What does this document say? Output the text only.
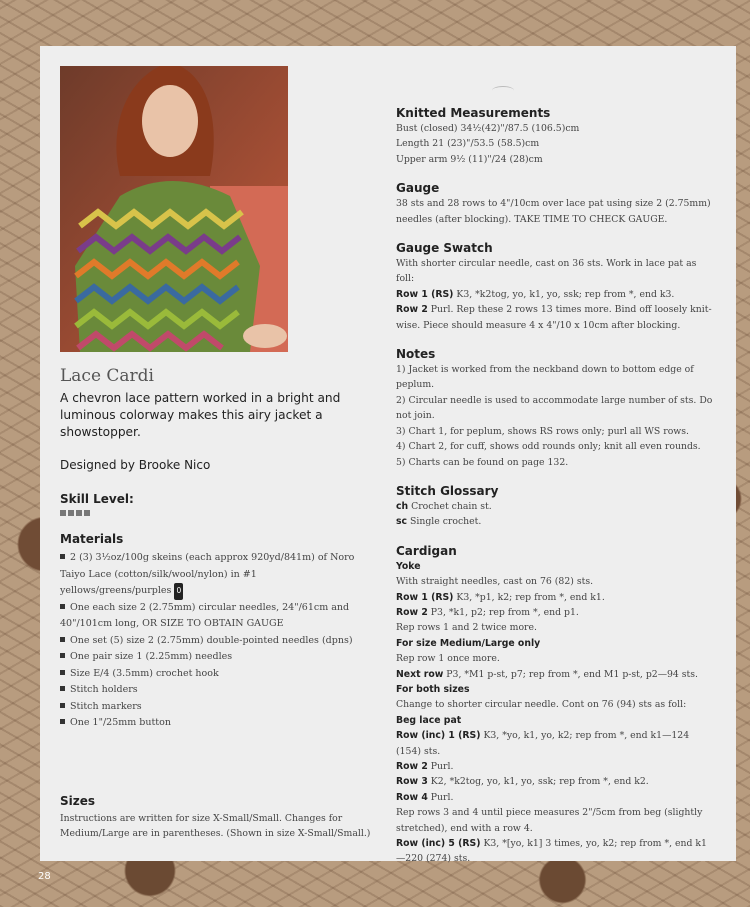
Lace Cardi

A chevron lace pattern worked in a bright and luminous colorway makes this airy jacket a showstopper.

Designed by Brooke Nico
Skill Level:
Materials
2 (3) 3¹⁄₂oz/100g skeins (each approx 920yd/841m) of Noro Taiyo Lace (cotton/silk/wool/nylon) in #1 yellows/greens/purples 0
One each size 2 (2.75mm) circular needles, 24"/61cm and 40"/101cm long, OR SIZE TO OBTAIN GAUGE
One set (5) size 2 (2.75mm) double-pointed needles (dpns)
One pair size 1 (2.25mm) needles
Size E/4 (3.5mm) crochet hook
Stitch holders
Stitch markers
One 1"/25mm button
Sizes

Instructions are written for size X-Small/Small. Changes for Medium/Large are in parentheses. (Shown in size X-Small/Small.)

Knitted Measurements
Bust (closed) 34¹⁄₂(42)"/87.5 (106.5)cm
Length 21 (23)"/53.5 (58.5)cm
Upper arm 9¹⁄₂ (11)"/24 (28)cm
Gauge

38 sts and 28 rows to 4"/10cm over lace pat using size 2 (2.75mm) needles (after blocking). TAKE TIME TO CHECK GAUGE.

Gauge Swatch

With shorter circular needle, cast on 36 sts. Work in lace pat as foll:

Row 1 (RS) K3, *k2tog, yo, k1, yo, ssk; rep from *, end k3.

Row 2 Purl. Rep these 2 rows 13 times more. Bind off loosely knit-wise. Piece should measure 4 x 4"/10 x 10cm after blocking.

Notes

1) Jacket is worked from the neckband down to bottom edge of peplum.

2) Circular needle is used to accommodate large number of sts. Do not join.

3) Chart 1, for peplum, shows RS rows only; purl all WS rows.

4) Chart 2, for cuff, shows odd rounds only; knit all even rounds.

5) Charts can be found on page 132.

Stitch Glossary

ch Crochet chain st.

sc Single crochet.

Cardigan
Yoke

With straight needles, cast on 76 (82) sts.

Row 1 (RS) K3, *p1, k2; rep from *, end k1.

Row 2 P3, *k1, p2; rep from *, end p1.

Rep rows 1 and 2 twice more.

For size Medium/Large only

Rep row 1 once more.

Next row P3, *M1 p-st, p7; rep from *, end M1 p-st, p2—94 sts.

For both sizes

Change to shorter circular needle. Cont on 76 (94) sts as foll:

Beg lace pat

Row (inc) 1 (RS) K3, *yo, k1, yo, k2; rep from *, end k1—124 (154) sts.

Row 2 Purl.

Row 3 K2, *k2tog, yo, k1, yo, ssk; rep from *, end k2.

Row 4 Purl.

Rep rows 3 and 4 until piece measures 2"/5cm from beg (slightly stretched), end with a row 4.

Row (inc) 5 (RS) K3, *[yo, k1] 3 times, yo, k2; rep from *, end k1—220 (274) sts.

28
